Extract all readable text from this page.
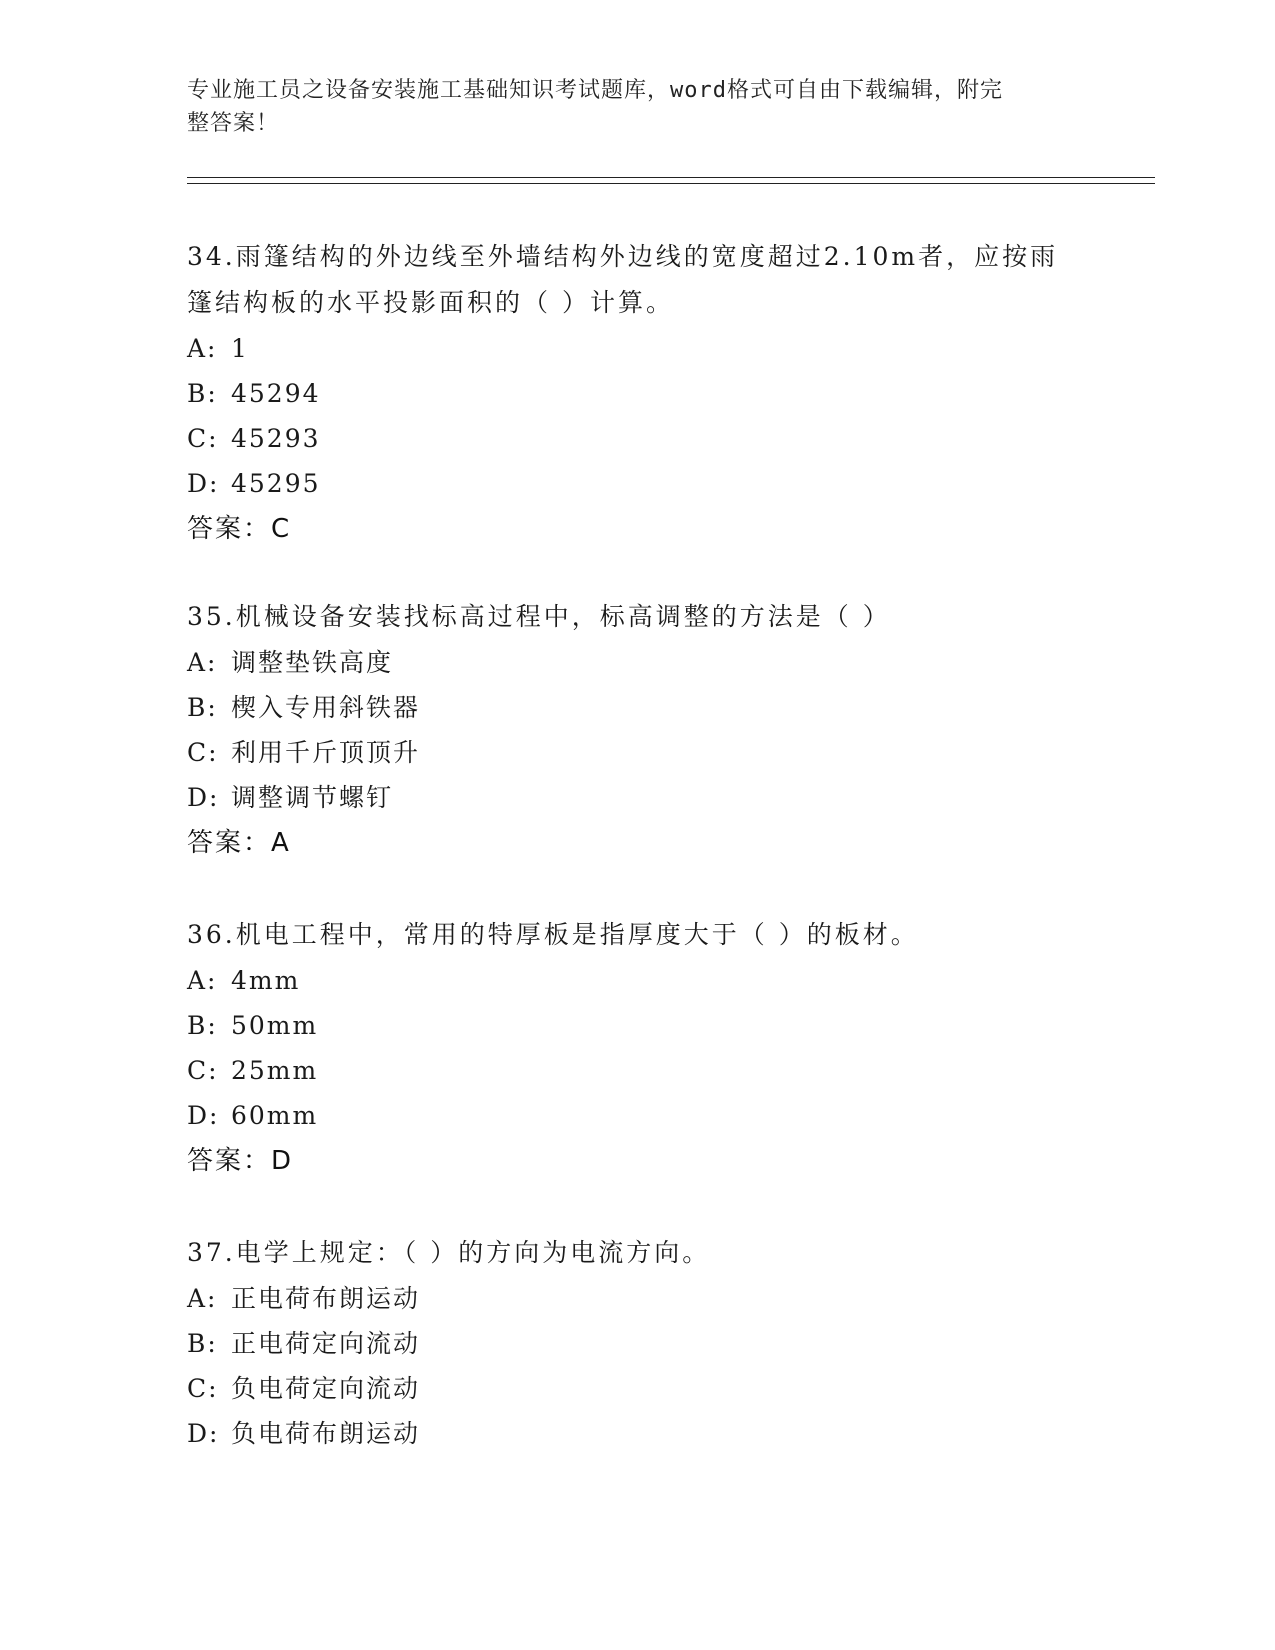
专业施工员之设备安装施工基础知识考试题库，word格式可自由下载编辑，附完
整答案！

34.雨篷结构的外边线至外墙结构外边线的宽度超过2.10m者，应按雨
篷结构板的水平投影面积的（ ）计算。

A: 1

B: 45294

C: 45293

D: 45295

答案：C

35.机械设备安装找标高过程中，标高调整的方法是（ ）

A: 调整垫铁高度

B: 楔入专用斜铁器

C: 利用千斤顶顶升

D: 调整调节螺钉

答案：A

36.机电工程中，常用的特厚板是指厚度大于（ ）的板材。

A: 4mm

B: 50mm

C: 25mm

D: 60mm

答案：D

37.电学上规定：（ ）的方向为电流方向。

A: 正电荷布朗运动

B: 正电荷定向流动

C: 负电荷定向流动

D: 负电荷布朗运动
